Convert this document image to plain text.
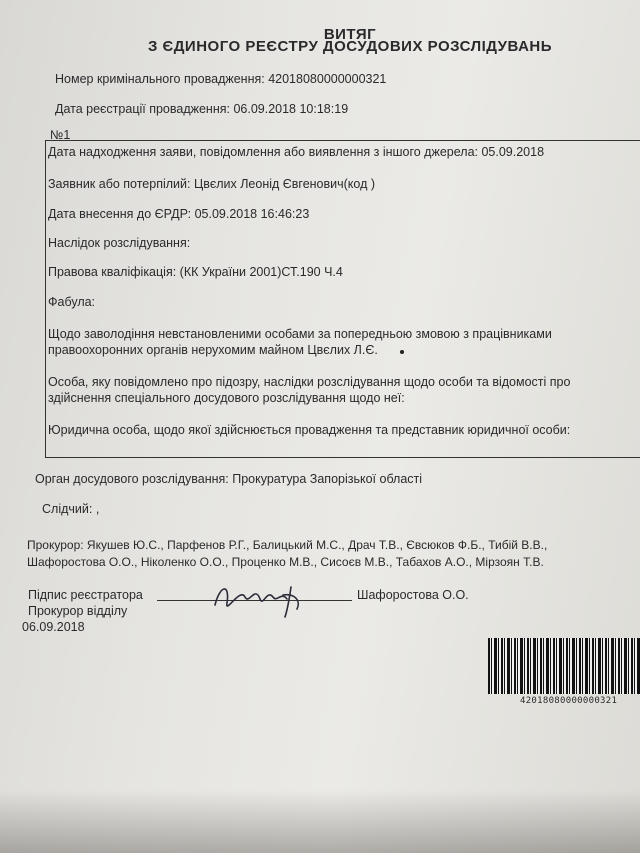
ВИТЯГ
З ЄДИНОГО РЕЄСТРУ ДОСУДОВИХ РОЗСЛІДУВАНЬ
Номер кримінального провадження: 42018080000000321
Дата реєстрації провадження: 06.09.2018 10:18:19
№1
Дата надходження заяви, повідомлення або виявлення з іншого джерела: 05.09.2018
Заявник або потерпілий: Цвєлих Леонід Євгенович(код )
Дата внесення до ЄРДР: 05.09.2018 16:46:23
Наслідок розслідування:
Правова кваліфікація: (КК України 2001)СТ.190 Ч.4
Фабула:
Щодо заволодіння невстановленими особами за попередньою змовою з працівниками
правоохоронних органів нерухомим майном Цвєлих Л.Є.
Особа, яку повідомлено про підозру, наслідки розслідування щодо особи та відомості про
здійснення спеціального досудового розслідування щодо неї:
Юридична особа, щодо якої здійснюється провадження та представник юридичної особи:
Орган досудового розслідування: Прокуратура Запорізької області
Слідчий: ,
Прокурор: Якушев Ю.С., Парфенов Р.Г., Балицький М.С., Драч Т.В., Євсюков Ф.Б., Тибій В.В.,
Шафоростова О.О., Ніколенко О.О., Проценко М.В., Сисоєв М.В., Табахов А.О., Мірзоян Т.В.
Підпис реєстратора	Шафоростова О.О.
Прокурор відділу
06.09.2018
42018080000000321
